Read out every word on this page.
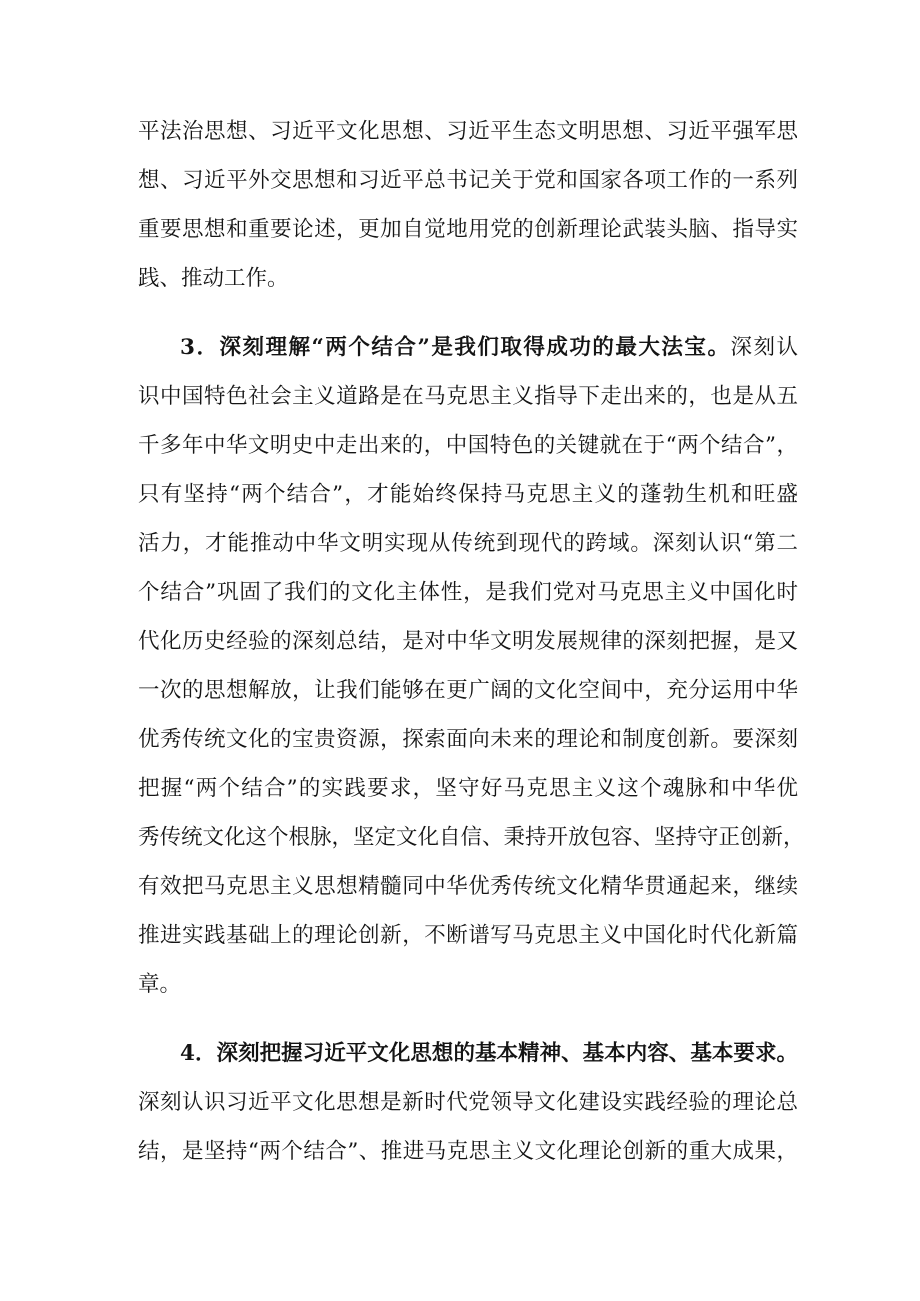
平法治思想、习近平文化思想、习近平生态文明思想、习近平强军思

想、习近平外交思想和习近平总书记关于党和国家各项工作的一系列

重要思想和重要论述，更加自觉地用党的创新理论武装头脑、指导实

践、推动工作。

3．深刻理解“两个结合”是我们取得成功的最大法宝。深刻认

识中国特色社会主义道路是在马克思主义指导下走出来的，也是从五

千多年中华文明史中走出来的，中国特色的关键就在于“两个结合”，

只有坚持“两个结合”，才能始终保持马克思主义的蓬勃生机和旺盛

活力，才能推动中华文明实现从传统到现代的跨域。深刻认识“第二

个结合”巩固了我们的文化主体性，是我们党对马克思主义中国化时

代化历史经验的深刻总结，是对中华文明发展规律的深刻把握，是又

一次的思想解放，让我们能够在更广阔的文化空间中，充分运用中华

优秀传统文化的宝贵资源，探索面向未来的理论和制度创新。要深刻

把握“两个结合”的实践要求，坚守好马克思主义这个魂脉和中华优

秀传统文化这个根脉，坚定文化自信、秉持开放包容、坚持守正创新，

有效把马克思主义思想精髓同中华优秀传统文化精华贯通起来，继续

推进实践基础上的理论创新，不断谱写马克思主义中国化时代化新篇

章。

4．深刻把握习近平文化思想的基本精神、基本内容、基本要求。

深刻认识习近平文化思想是新时代党领导文化建设实践经验的理论总

结，是坚持“两个结合”、推进马克思主义文化理论创新的重大成果，
